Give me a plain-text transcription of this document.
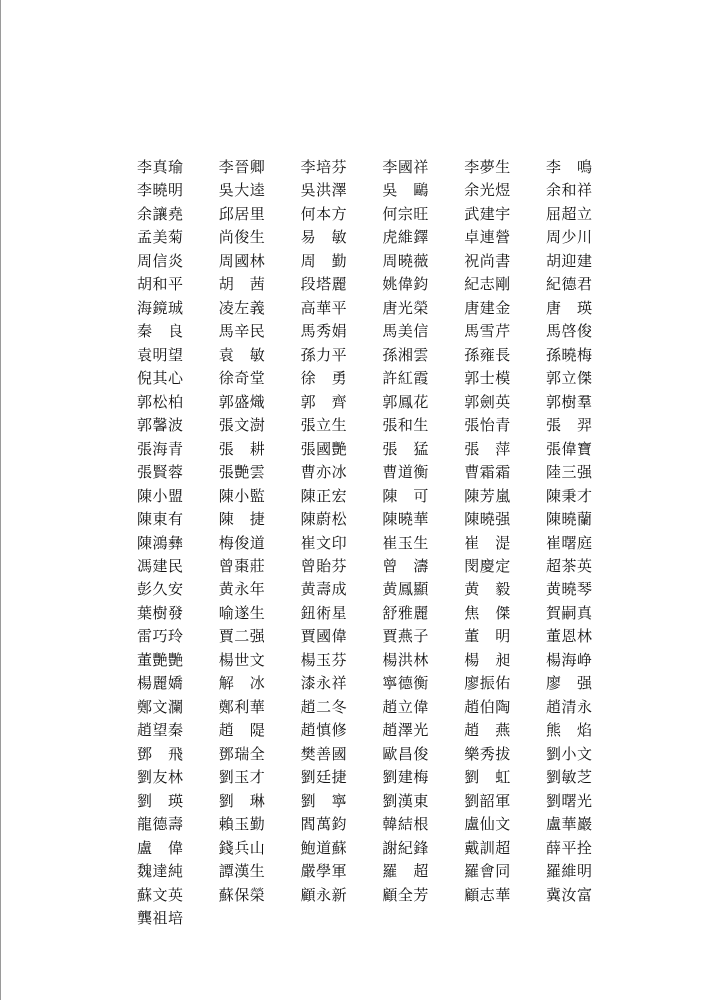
李真瑜	李晉卿	李培芬	李國祥	李夢生	李　鳴
李曉明	吳大逵	吳洪澤	吳　鷗	余光煜	余和祥
余讓堯	邱居里	何本方	何宗旺	武建宇	屈超立
孟美菊	尚俊生	易　敏	虎維鐸	卓連營	周少川
周信炎	周國林	周　勤	周曉薇	祝尚書	胡迎建
胡和平	胡　茜	段塔麗	姚偉鈞	紀志剛	紀德君
海鏡珹	凌左義	高華平	唐光榮	唐建金	唐　瑛
秦　良	馬辛民	馬秀娟	馬美信	馬雪芹	馬啓俊
袁明望	袁　敏	孫力平	孫湘雲	孫雍長	孫曉梅
倪其心	徐奇堂	徐　勇	許紅霞	郭士模	郭立傑
郭松柏	郭盛熾	郭　齊	郭鳳花	郭劍英	郭樹羣
郭馨波	張文澍	張立生	張和生	張怡青	張　羿
張海青	張　耕	張國艷	張　猛	張　萍	張偉寶
張賢蓉	張艷雲	曹亦冰	曹道衡	曹霜霜	陸三强
陳小盟	陳小監	陳正宏	陳　可	陳芳嵐	陳秉才
陳東有	陳　捷	陳蔚松	陳曉華	陳曉强	陳曉蘭
陳鴻彝	梅俊道	崔文印	崔玉生	崔　湜	崔曙庭
馮建民	曾棗莊	曾貽芬	曾　濤	閔慶定	超茶英
彭久安	黄永年	黄壽成	黄鳳顯	黄　毅	黄曉琴
葉樹發	喻遂生	鈕術星	舒雅麗	焦　傑	賀嗣真
雷巧玲	賈二强	賈國偉	賈燕子	董　明	董恩林
董艷艷	楊世文	楊玉芬	楊洪林	楊　昶	楊海峥
楊麗嬌	解　冰	漆永祥	寧德衡	廖振佑	廖　强
鄭文瀾	鄭利華	趙二冬	趙立偉	趙伯陶	趙清永
趙望秦	趙　隄	趙慎修	趙澤光	趙　燕	熊　焰
鄧　飛	鄧瑞全	樊善國	歐昌俊	樂秀拔	劉小文
劉友林	劉玉才	劉廷捷	劉建梅	劉　虹	劉敏芝
劉　瑛	劉　琳	劉　寧	劉漢東	劉韶軍	劉曙光
龍德壽	賴玉勤	閻萬鈞	韓結根	盧仙文	盧華巖
盧　偉	錢兵山	鮑道蘇	謝紀鋒	戴訓超	薛平拴
魏達純	譚漢生	嚴學軍	羅　超	羅會同	羅維明
蘇文英	蘇保榮	顧永新	顧全芳	顧志華	冀汝富
龔祖培
